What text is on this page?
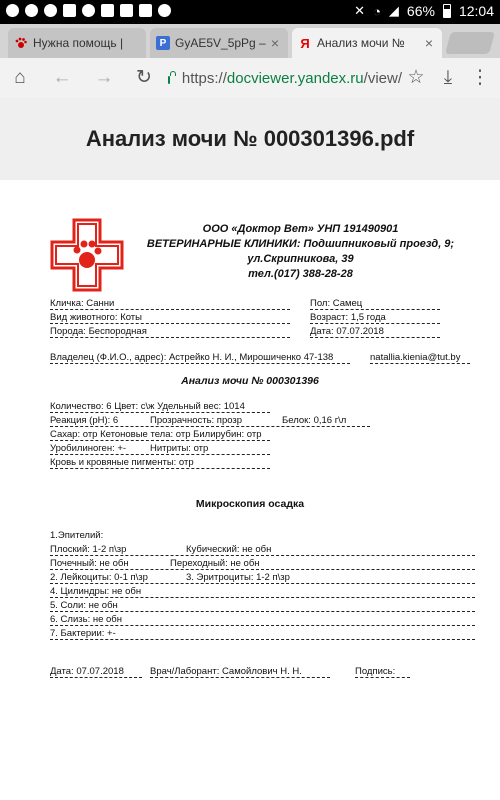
✕ ◔ ◢ 66% 12:04
Нужна помощь |	P GyAE5V_5pPg – × Я Анализ мочи №	×
⌂	← → ↻ https://docviewer.yandex.ru/view/ ☆	⤓ ⋮
Анализ мочи № 000301396.pdf
ООО «Доктор Вет» УНП 191490901
ВЕТЕРИНАРНЫЕ КЛИНИКИ: Подшипниковый проезд, 9;
ул.Скрипникова, 39
тел.(017) 388-28-28
Кличка: Санни	Пол: Самец
Вид животного: Коты	Возраст: 1,5 года
Порода: Беспородная	Дата: 07.07.2018
Владелец (Ф.И.О., адрес): Астрейко Н. И., Мирошиченко 47-138	natallia.kienia@tut.by
Анализ мочи № 000301396
Количество: 6 Цвет: с\ж Удельный вес: 1014
Реакция (pH): 6	Прозрачность: прозр	Белок: 0,16 г\л
Сахар: отр Кетоновые тела: отр Билирубин: отр
Уробилиноген: +-	Нитриты: отр
Кровь и кровяные пигменты: отр
Микроскопия осадка
1.Эпителий:
Плоский: 1-2 п\зр	Кубический: не обн
Почечный: не обн	Переходный: не обн
2. Лейкоциты: 0-1 п\зр	3. Эритроциты: 1-2 п\зр
4. Цилиндры: не обн
5. Соли: не обн
6. Слизь: не обн
7. Бактерии: +-
Дата: 07.07.2018	Врач/Лаборант: Самойлович Н. Н.	Подпись:
